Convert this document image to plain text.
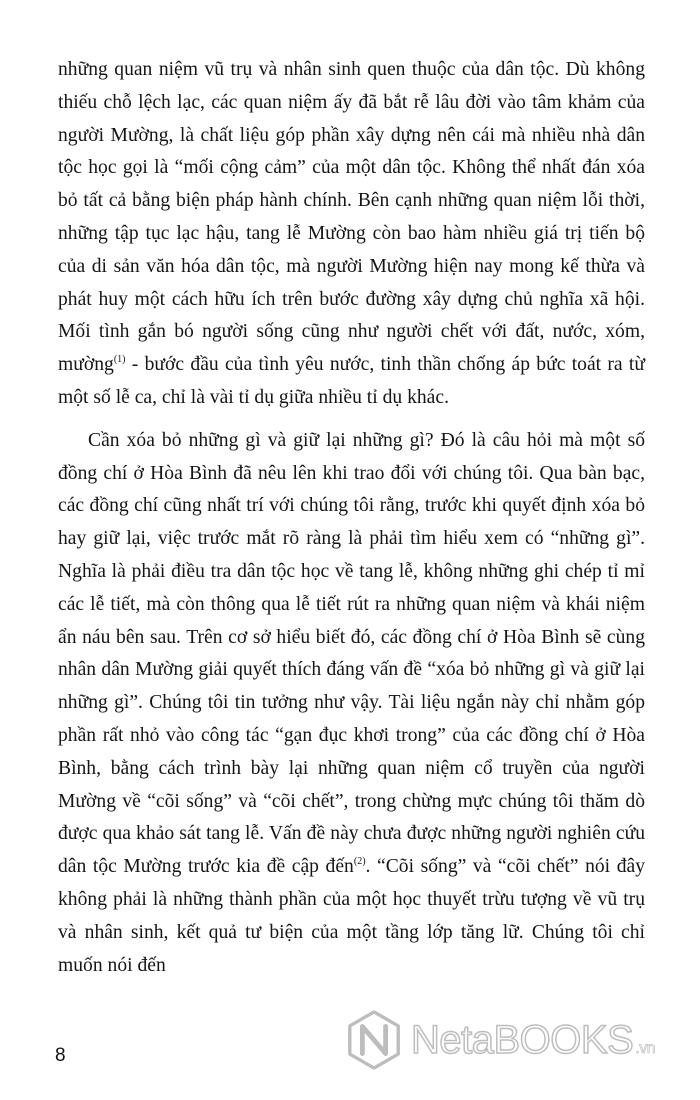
những quan niệm vũ trụ và nhân sinh quen thuộc của dân tộc. Dù không thiếu chỗ lệch lạc, các quan niệm ấy đã bắt rễ lâu đời vào tâm khảm của người Mường, là chất liệu góp phần xây dựng nên cái mà nhiều nhà dân tộc học gọi là “mối cộng cảm” của một dân tộc. Không thể nhất đán xóa bỏ tất cả bằng biện pháp hành chính. Bên cạnh những quan niệm lỗi thời, những tập tục lạc hậu, tang lễ Mường còn bao hàm nhiều giá trị tiến bộ của di sản văn hóa dân tộc, mà người Mường hiện nay mong kế thừa và phát huy một cách hữu ích trên bước đường xây dựng chủ nghĩa xã hội. Mối tình gắn bó người sống cũng như người chết với đất, nước, xóm, mường$^{(1)}$ - bước đầu của tình yêu nước, tinh thần chống áp bức toát ra từ một số lễ ca, chỉ là vài tỉ dụ giữa nhiều tỉ dụ khác.

Cần xóa bỏ những gì và giữ lại những gì? Đó là câu hỏi mà một số đồng chí ở Hòa Bình đã nêu lên khi trao đổi với chúng tôi. Qua bàn bạc, các đồng chí cũng nhất trí với chúng tôi rằng, trước khi quyết định xóa bỏ hay giữ lại, việc trước mắt rõ ràng là phải tìm hiểu xem có “những gì”. Nghĩa là phải điều tra dân tộc học về tang lễ, không những ghi chép tỉ mỉ các lễ tiết, mà còn thông qua lễ tiết rút ra những quan niệm và khái niệm ẩn náu bên sau. Trên cơ sở hiểu biết đó, các đồng chí ở Hòa Bình sẽ cùng nhân dân Mường giải quyết thích đáng vấn đề “xóa bỏ những gì và giữ lại những gì”. Chúng tôi tin tưởng như vậy. Tài liệu ngắn này chỉ nhằm góp phần rất nhỏ vào công tác “gạn đục khơi trong” của các đồng chí ở Hòa Bình, bằng cách trình bày lại những quan niệm cổ truyền của người Mường về “cõi sống” và “cõi chết”, trong chừng mực chúng tôi thăm dò được qua khảo sát tang lễ. Vấn đề này chưa được những người nghiên cứu dân tộc Mường trước kia đề cập đến$^{(2)}$. “Cõi sống” và “cõi chết” nói đây không phải là những thành phần của một học thuyết trừu tượng về vũ trụ và nhân sinh, kết quả tư biện của một tầng lớp tăng lữ. Chúng tôi chỉ muốn nói đến

8	NetaBOOKS .vn
